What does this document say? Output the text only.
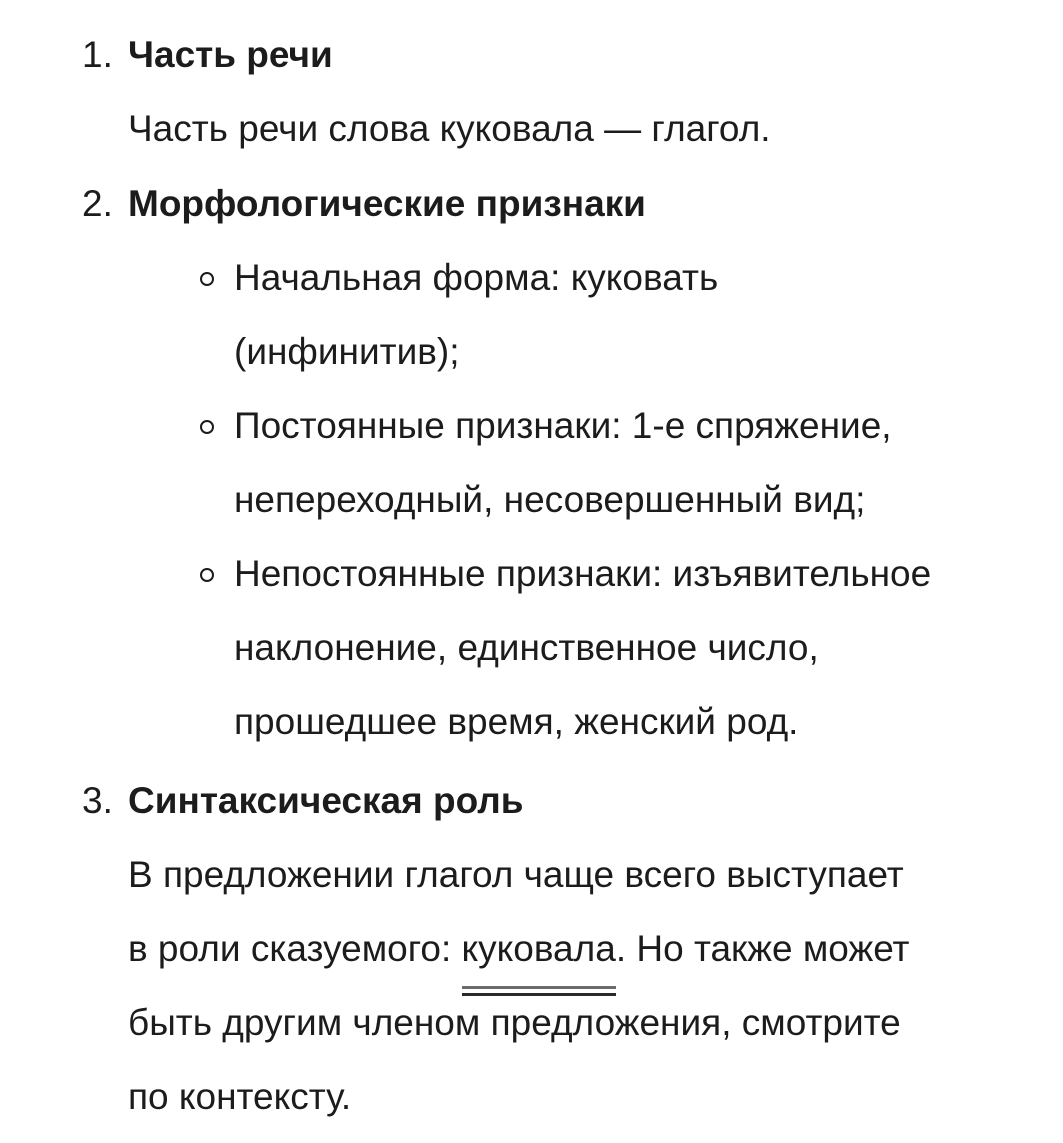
1. Часть речи
Часть речи слова куковала — глагол.
2. Морфологические признаки
Начальная форма: куковать
(инфинитив);
Постоянные признаки: 1-е спряжение,
непереходный, несовершенный вид;
Непостоянные признаки: изъявительное
наклонение, единственное число,
прошедшее время, женский род.
3. Синтаксическая роль
В предложении глагол чаще всего выступает
в роли сказуемого: куковала. Но также может
быть другим членом предложения, смотрите
по контексту.
